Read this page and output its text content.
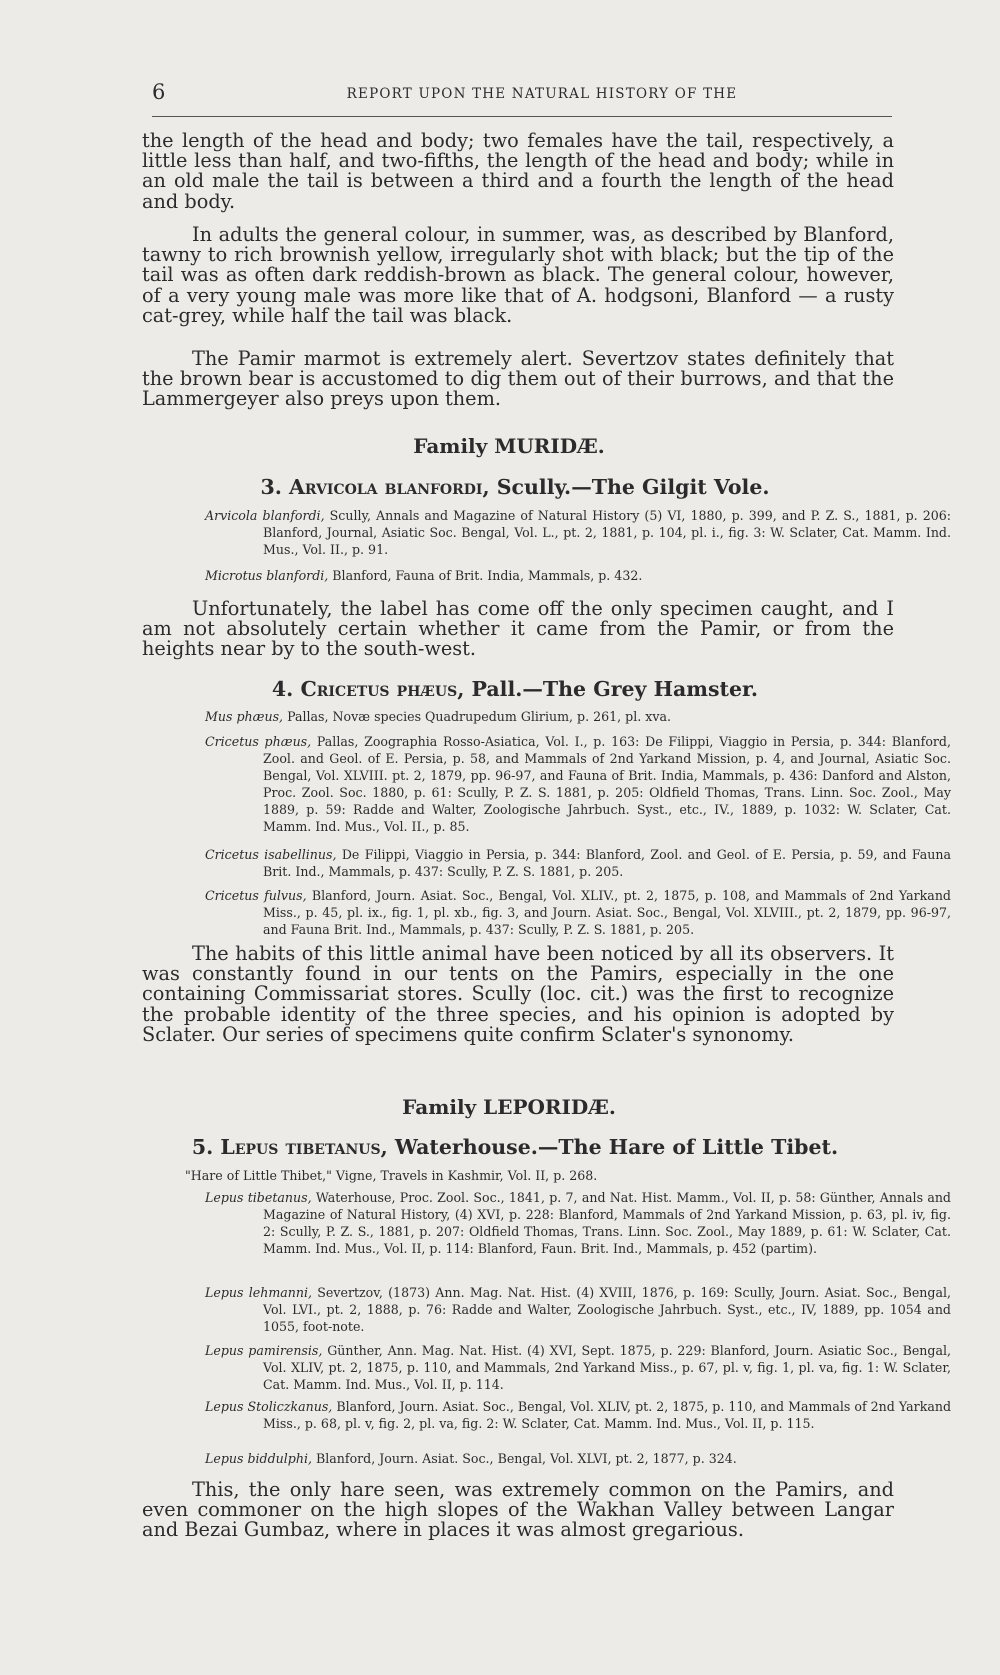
6	REPORT UPON THE NATURAL HISTORY OF THE

the length of the head and body; two females have the tail, respectively, a little less than half, and two-fifths, the length of the head and body; while in an old male the tail is between a third and a fourth the length of the head and body.

In adults the general colour, in summer, was, as described by Blanford, tawny to rich brownish yellow, irregularly shot with black; but the tip of the tail was as often dark reddish-brown as black. The general colour, however, of a very young male was more like that of A. hodgsoni, Blanford — a rusty cat-grey, while half the tail was black.

The Pamir marmot is extremely alert. Severtzov states definitely that the brown bear is accustomed to dig them out of their burrows, and that the Lammergeyer also preys upon them.

Family MURIDÆ.
3. Arvicola blanfordi, Scully.—The Gilgit Vole.

Arvicola blanfordi, Scully, Annals and Magazine of Natural History (5) VI, 1880, p. 399, and P. Z. S., 1881, p. 206: Blanford, Journal, Asiatic Soc. Bengal, Vol. L., pt. 2, 1881, p. 104, pl. i., fig. 3: W. Sclater, Cat. Mamm. Ind. Mus., Vol. II., p. 91.

Microtus blanfordi, Blanford, Fauna of Brit. India, Mammals, p. 432.

Unfortunately, the label has come off the only specimen caught, and I am not absolutely certain whether it came from the Pamir, or from the heights near by to the south-west.

4. Cricetus phæus, Pall.—The Grey Hamster.

Mus phæus, Pallas, Novæ species Quadrupedum Glirium, p. 261, pl. xva.

Cricetus phæus, Pallas, Zoographia Rosso-Asiatica, Vol. I., p. 163: De Filippi, Viaggio in Persia, p. 344: Blanford, Zool. and Geol. of E. Persia, p. 58, and Mammals of 2nd Yarkand Mission, p. 4, and Journal, Asiatic Soc. Bengal, Vol. XLVIII. pt. 2, 1879, pp. 96-97, and Fauna of Brit. India, Mammals, p. 436: Danford and Alston, Proc. Zool. Soc. 1880, p. 61: Scully, P. Z. S. 1881, p. 205: Oldfield Thomas, Trans. Linn. Soc. Zool., May 1889, p. 59: Radde and Walter, Zoologische Jahrbuch. Syst., etc., IV., 1889, p. 1032: W. Sclater, Cat. Mamm. Ind. Mus., Vol. II., p. 85.

Cricetus isabellinus, De Filippi, Viaggio in Persia, p. 344: Blanford, Zool. and Geol. of E. Persia, p. 59, and Fauna Brit. Ind., Mammals, p. 437: Scully, P. Z. S. 1881, p. 205.

Cricetus fulvus, Blanford, Journ. Asiat. Soc., Bengal, Vol. XLIV., pt. 2, 1875, p. 108, and Mammals of 2nd Yarkand Miss., p. 45, pl. ix., fig. 1, pl. xb., fig. 3, and Journ. Asiat. Soc., Bengal, Vol. XLVIII., pt. 2, 1879, pp. 96-97, and Fauna Brit. Ind., Mammals, p. 437: Scully, P. Z. S. 1881, p. 205.

The habits of this little animal have been noticed by all its observers. It was constantly found in our tents on the Pamirs, especially in the one containing Commissariat stores. Scully (loc. cit.) was the first to recognize the probable identity of the three species, and his opinion is adopted by Sclater. Our series of specimens quite confirm Sclater's synonomy.

Family LEPORIDÆ.
5. Lepus tibetanus, Waterhouse.—The Hare of Little Tibet.

"Hare of Little Thibet," Vigne, Travels in Kashmir, Vol. II, p. 268.

Lepus tibetanus, Waterhouse, Proc. Zool. Soc., 1841, p. 7, and Nat. Hist. Mamm., Vol. II, p. 58: Günther, Annals and Magazine of Natural History, (4) XVI, p. 228: Blanford, Mammals of 2nd Yarkand Mission, p. 63, pl. iv, fig. 2: Scully, P. Z. S., 1881, p. 207: Oldfield Thomas, Trans. Linn. Soc. Zool., May 1889, p. 61: W. Sclater, Cat. Mamm. Ind. Mus., Vol. II, p. 114: Blanford, Faun. Brit. Ind., Mammals, p. 452 (partim).

Lepus lehmanni, Severtzov, (1873) Ann. Mag. Nat. Hist. (4) XVIII, 1876, p. 169: Scully, Journ. Asiat. Soc., Bengal, Vol. LVI., pt. 2, 1888, p. 76: Radde and Walter, Zoologische Jahrbuch. Syst., etc., IV, 1889, pp. 1054 and 1055, foot-note.

Lepus pamirensis, Günther, Ann. Mag. Nat. Hist. (4) XVI, Sept. 1875, p. 229: Blanford, Journ. Asiatic Soc., Bengal, Vol. XLIV, pt. 2, 1875, p. 110, and Mammals, 2nd Yarkand Miss., p. 67, pl. v, fig. 1, pl. va, fig. 1: W. Sclater, Cat. Mamm. Ind. Mus., Vol. II, p. 114.

Lepus Stoliczkanus, Blanford, Journ. Asiat. Soc., Bengal, Vol. XLIV, pt. 2, 1875, p. 110, and Mammals of 2nd Yarkand Miss., p. 68, pl. v, fig. 2, pl. va, fig. 2: W. Sclater, Cat. Mamm. Ind. Mus., Vol. II, p. 115.

Lepus biddulphi, Blanford, Journ. Asiat. Soc., Bengal, Vol. XLVI, pt. 2, 1877, p. 324.

This, the only hare seen, was extremely common on the Pamirs, and even commoner on the high slopes of the Wakhan Valley between Langar and Bezai Gumbaz, where in places it was almost gregarious.
